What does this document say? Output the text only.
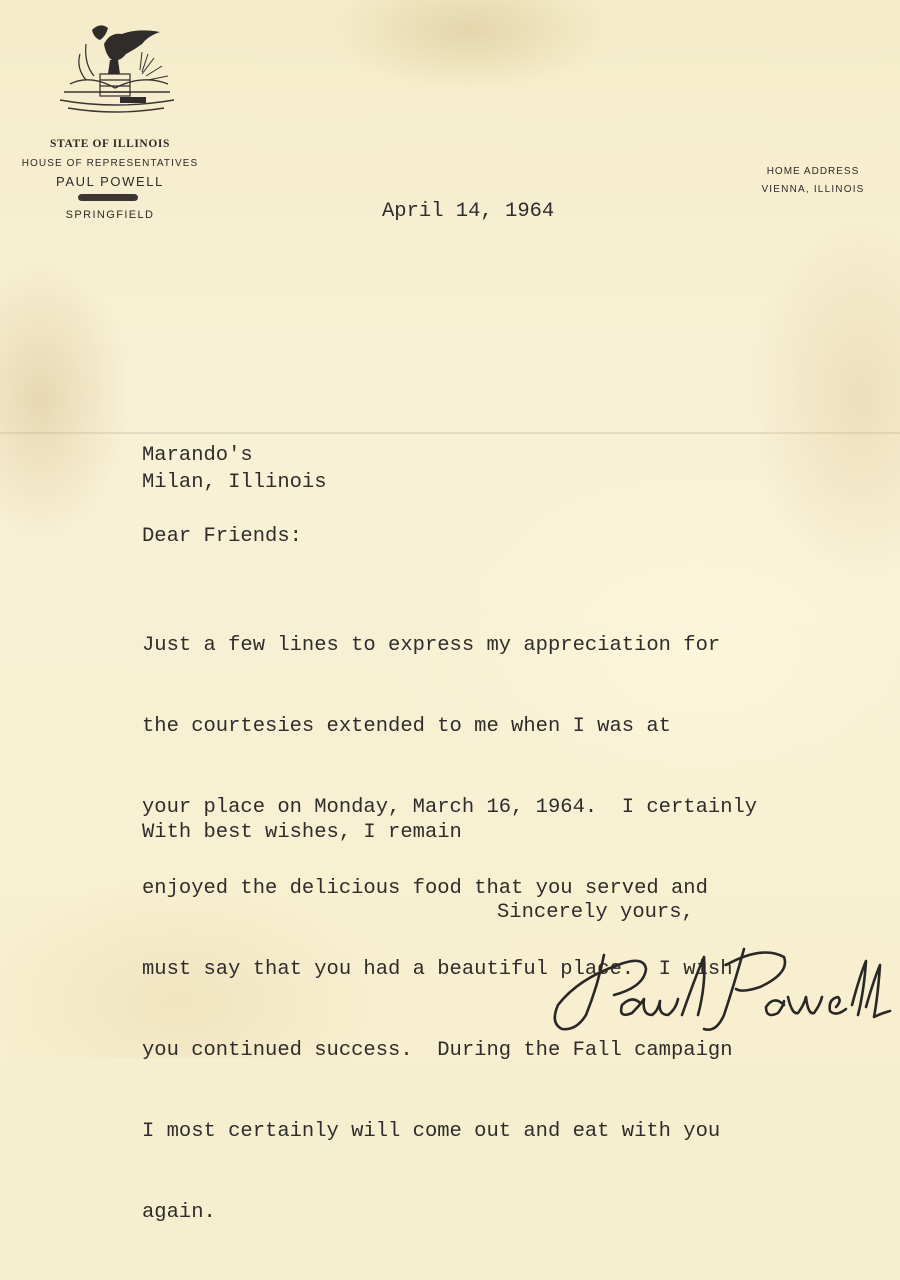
STATE OF ILLINOIS
HOUSE OF REPRESENTATIVES
PAUL POWELL
SPRINGFIELD
HOME ADDRESS
VIENNA, ILLINOIS
April 14, 1964
Marando's
Milan, Illinois
Dear Friends:

Just a few lines to express my appreciation for

the courtesies extended to me when I was at

your place on Monday, March 16, 1964.  I certainly

enjoyed the delicious food that you served and

must say that you had a beautiful place.  I wish

you continued success.  During the Fall campaign

I most certainly will come out and eat with you

again.

With best wishes, I remain
Sincerely yours,
